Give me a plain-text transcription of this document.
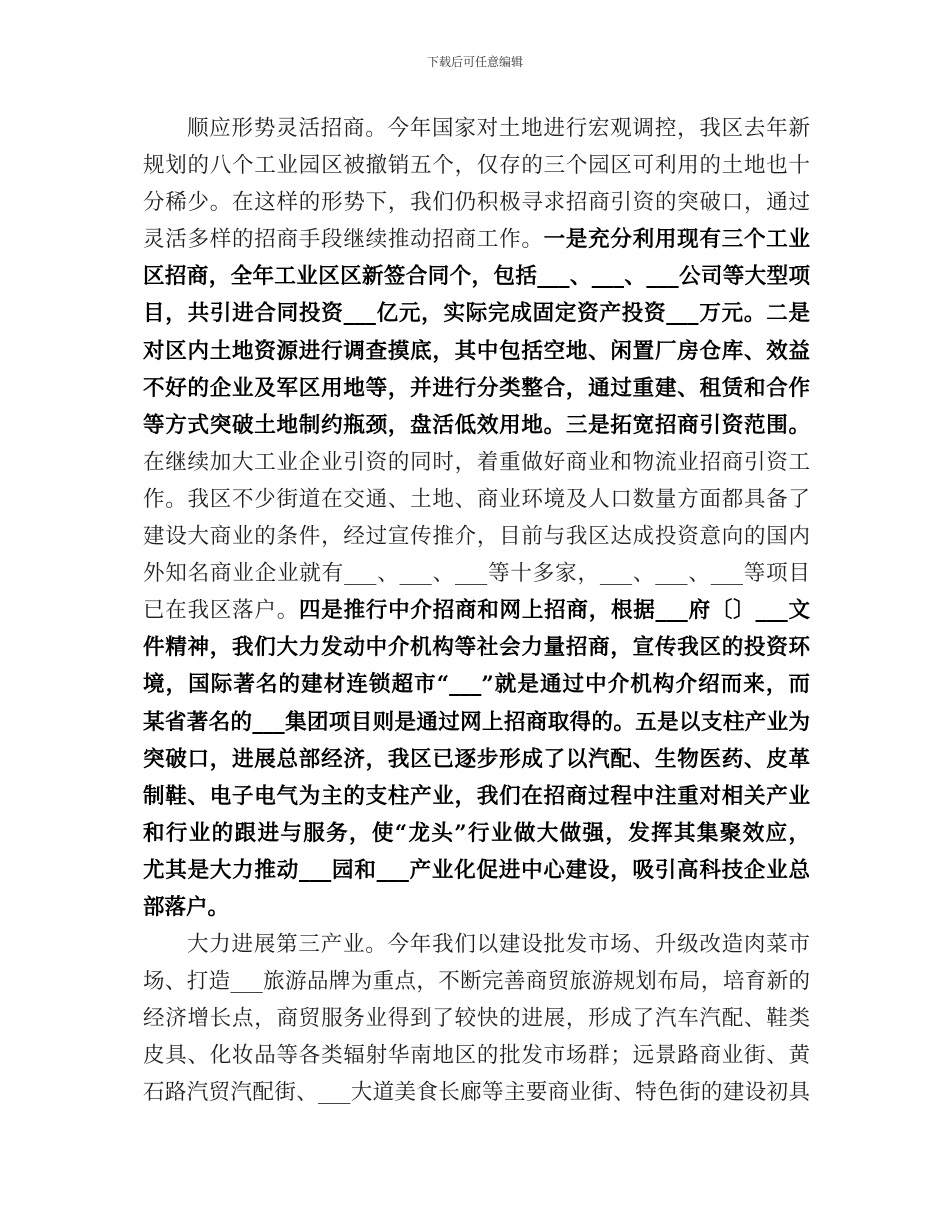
下载后可任意编辑
顺应形势灵活招商。今年国家对土地进行宏观调控，我区去年新
规划的八个工业园区被撤销五个，仅存的三个园区可利用的土地也十
分稀少。在这样的形势下，我们仍积极寻求招商引资的突破口，通过
灵活多样的招商手段继续推动招商工作。一是充分利用现有三个工业
区招商，全年工业区区新签合同个，包括___、___、___公司等大型项
目，共引进合同投资___亿元，实际完成固定资产投资___万元。二是
对区内土地资源进行调查摸底，其中包括空地、闲置厂房仓库、效益
不好的企业及军区用地等，并进行分类整合，通过重建、租赁和合作
等方式突破土地制约瓶颈，盘活低效用地。三是拓宽招商引资范围。
在继续加大工业企业引资的同时，着重做好商业和物流业招商引资工
作。我区不少街道在交通、土地、商业环境及人口数量方面都具备了
建设大商业的条件，经过宣传推介，目前与我区达成投资意向的国内
外知名商业企业就有___、___、___等十多家，___、___、___等项目
已在我区落户。四是推行中介招商和网上招商，根据___府〔〕___文
件精神，我们大力发动中介机构等社会力量招商，宣传我区的投资环
境，国际著名的建材连锁超市“___”就是通过中介机构介绍而来，而
某省著名的___集团项目则是通过网上招商取得的。五是以支柱产业为
突破口，进展总部经济，我区已逐步形成了以汽配、生物医药、皮革
制鞋、电子电气为主的支柱产业，我们在招商过程中注重对相关产业
和行业的跟进与服务，使“龙头”行业做大做强，发挥其集聚效应，
尤其是大力推动___园和___产业化促进中心建设，吸引高科技企业总
部落户。
大力进展第三产业。今年我们以建设批发市场、升级改造肉菜市
场、打造___旅游品牌为重点，不断完善商贸旅游规划布局，培育新的
经济增长点，商贸服务业得到了较快的进展，形成了汽车汽配、鞋类
皮具、化妆品等各类辐射华南地区的批发市场群；远景路商业街、黄
石路汽贸汽配街、___大道美食长廊等主要商业街、特色街的建设初具
